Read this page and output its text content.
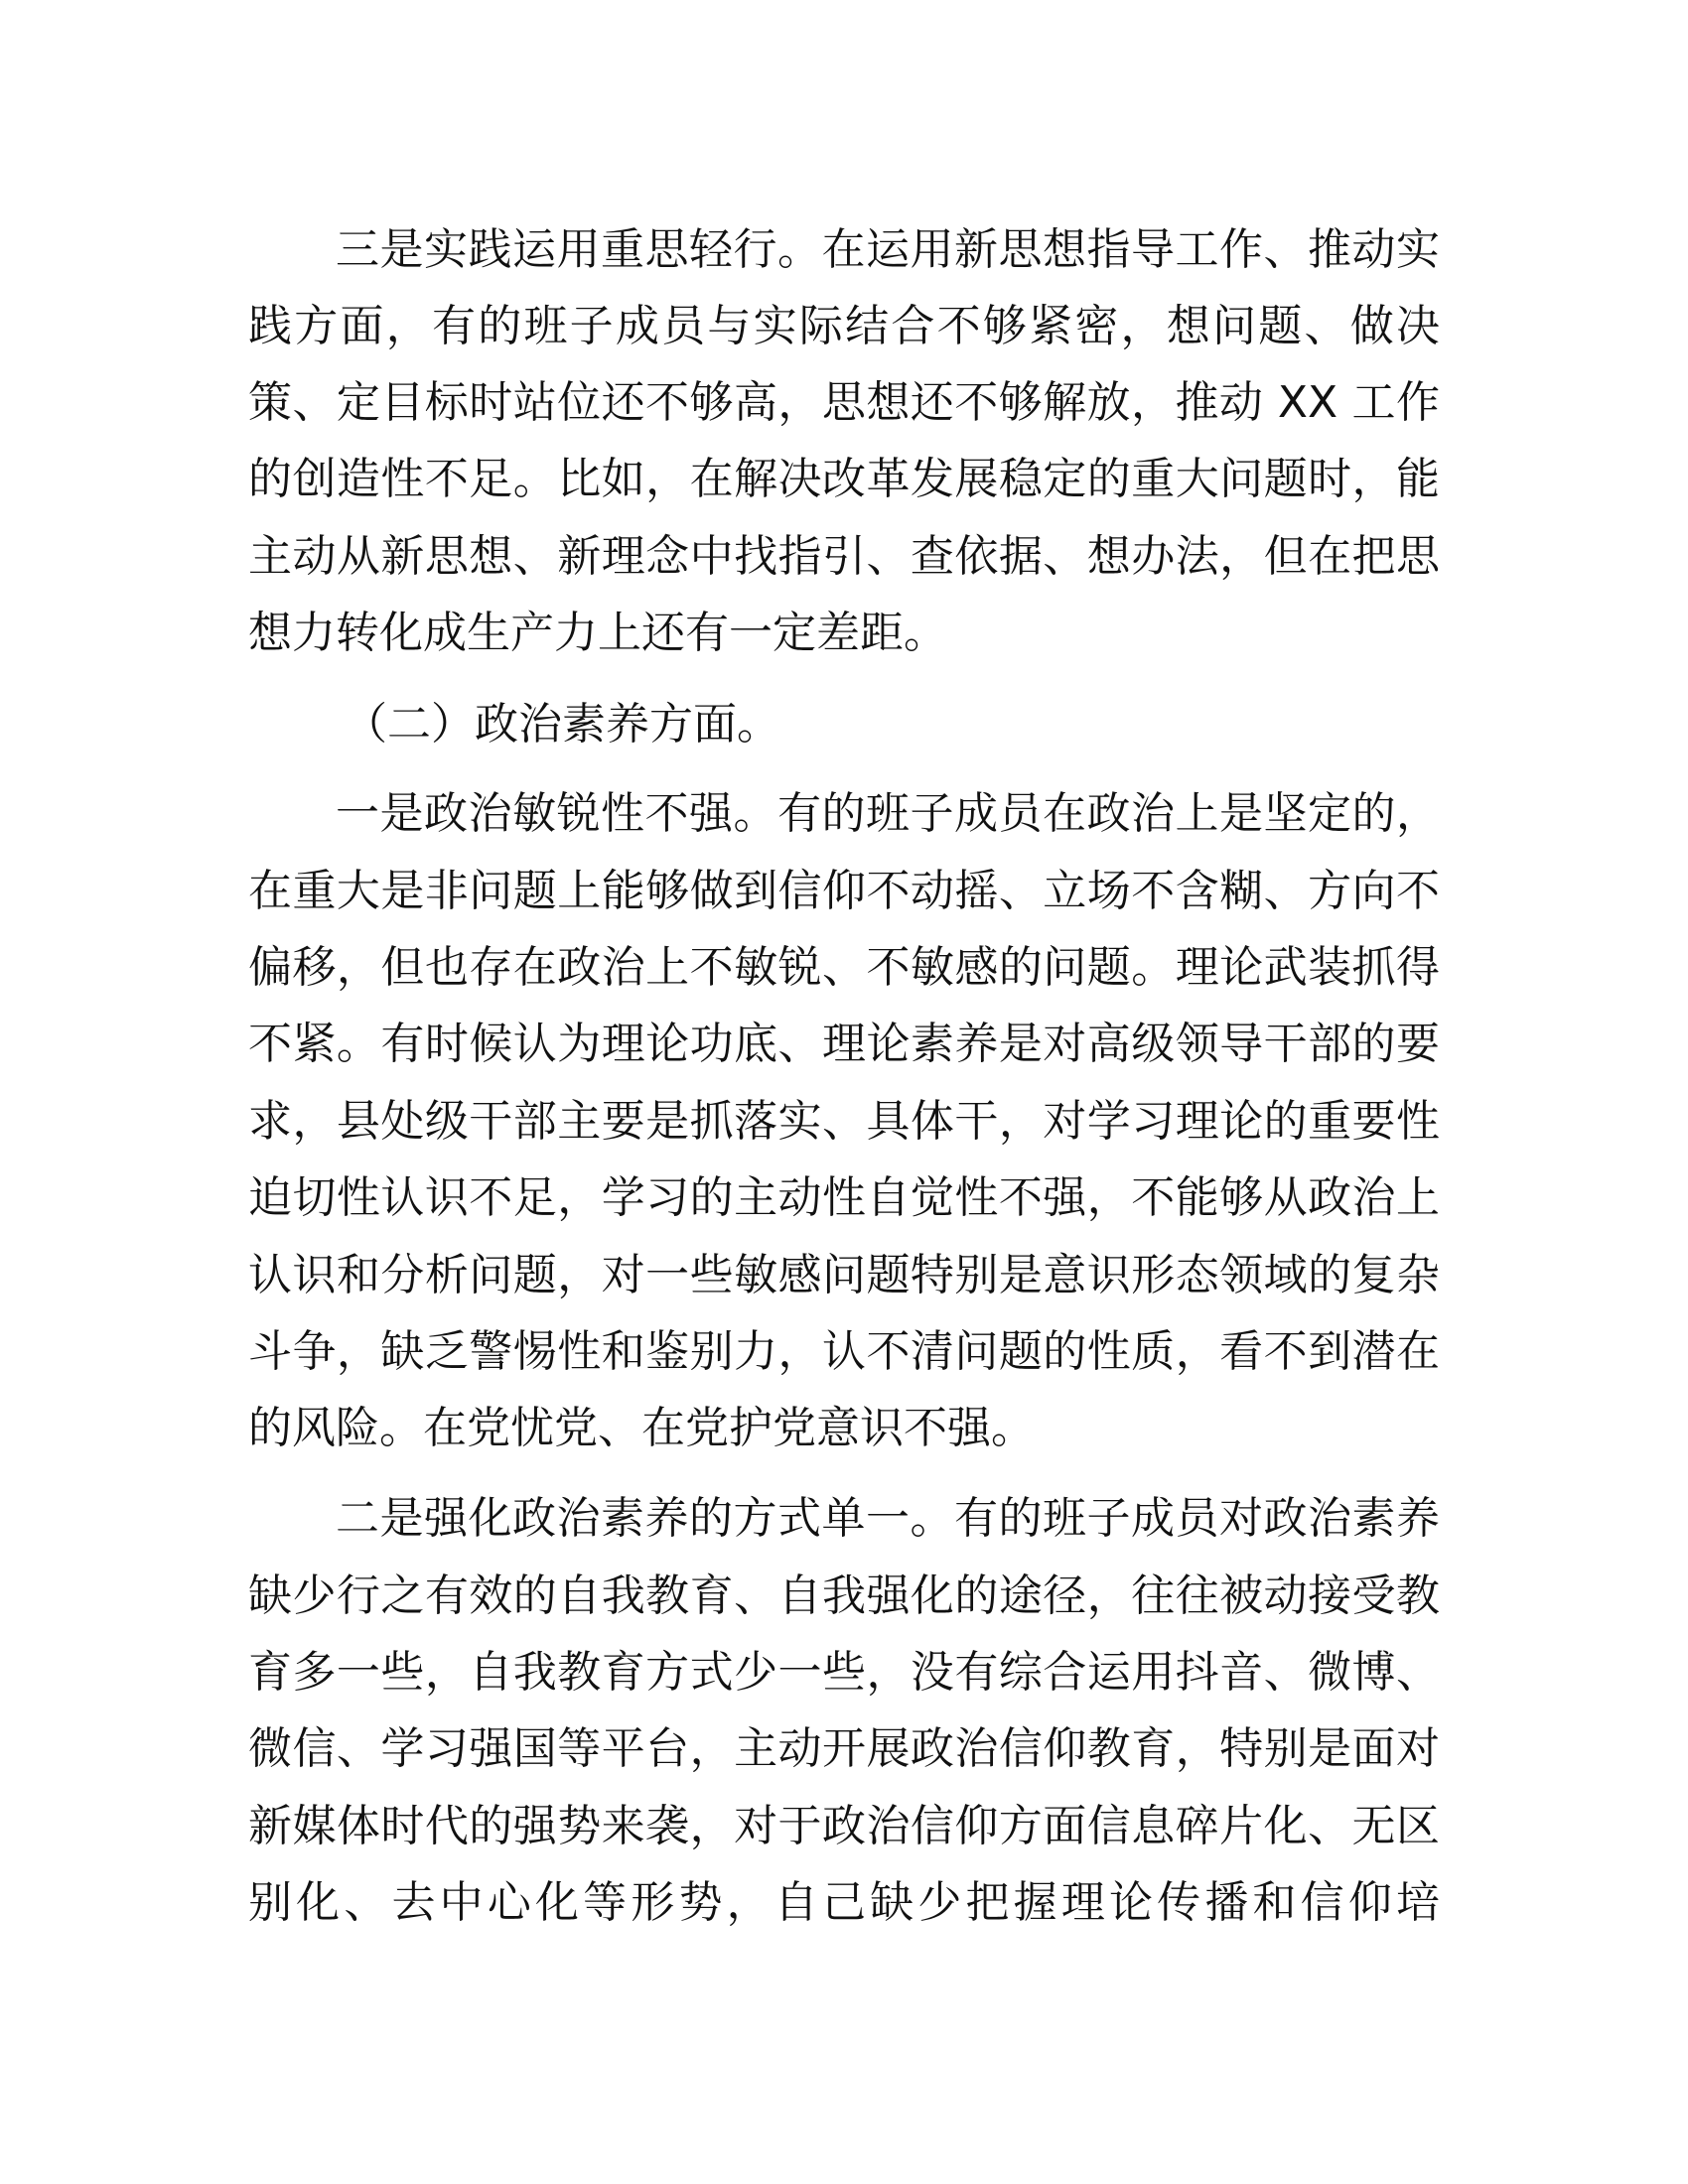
三是实践运用重思轻行。在运用新思想指导工作、推动实
践方面，有的班子成员与实际结合不够紧密，想问题、做决
策、定目标时站位还不够高，思想还不够解放，推动 XX 工作
的创造性不足。比如，在解决改革发展稳定的重大问题时，能
主动从新思想、新理念中找指引、查依据、想办法，但在把思
想力转化成生产力上还有一定差距。
（二）政治素养方面。
一是政治敏锐性不强。有的班子成员在政治上是坚定的，
在重大是非问题上能够做到信仰不动摇、立场不含糊、方向不
偏移，但也存在政治上不敏锐、不敏感的问题。理论武装抓得
不紧。有时候认为理论功底、理论素养是对高级领导干部的要
求，县处级干部主要是抓落实、具体干，对学习理论的重要性
迫切性认识不足，学习的主动性自觉性不强，不能够从政治上
认识和分析问题，对一些敏感问题特别是意识形态领域的复杂
斗争，缺乏警惕性和鉴别力，认不清问题的性质，看不到潜在
的风险。在党忧党、在党护党意识不强。
二是强化政治素养的方式单一。有的班子成员对政治素养
缺少行之有效的自我教育、自我强化的途径，往往被动接受教
育多一些，自我教育方式少一些，没有综合运用抖音、微博、
微信、学习强国等平台，主动开展政治信仰教育，特别是面对
新媒体时代的强势来袭，对于政治信仰方面信息碎片化、无区
别化、去中心化等形势，自己缺少把握理论传播和信仰培
